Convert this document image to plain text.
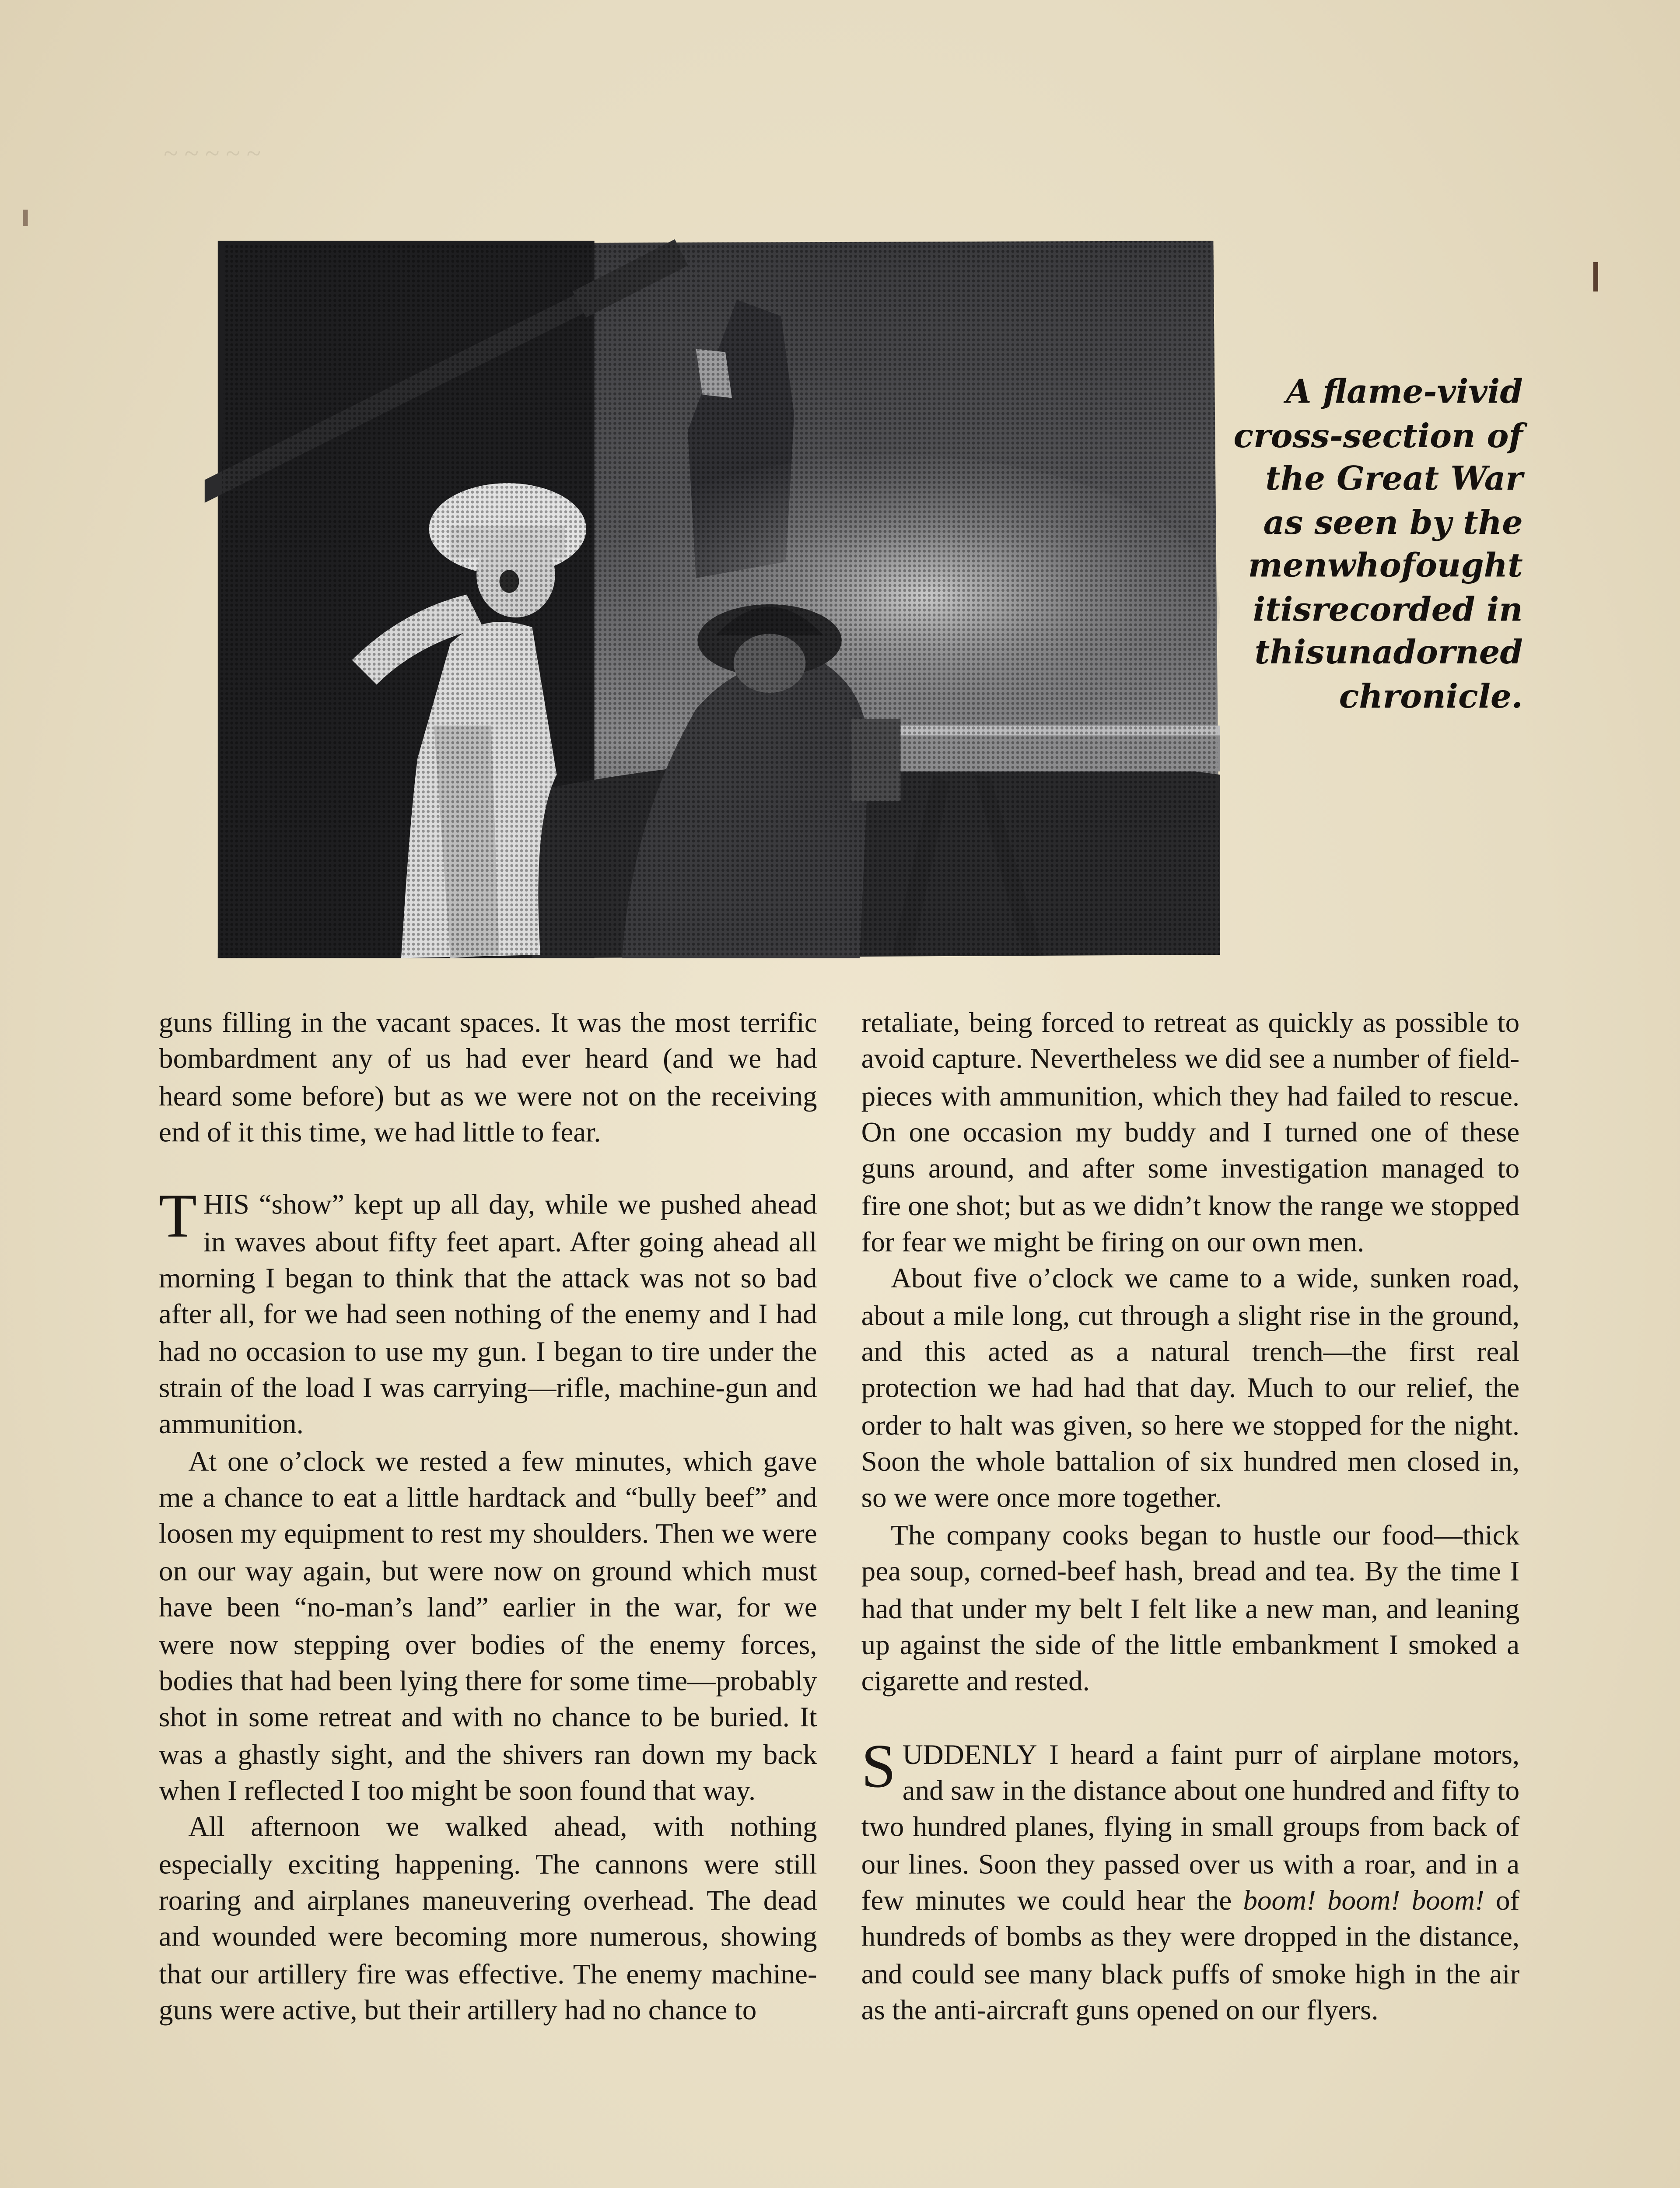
~ ~ ~ ~ ~
A flame-vivid
cross-section of
the Great War
as seen by the
menwhofought
itisrecorded in
thisunadorned
chronicle.

guns filling in the vacant spaces. It was the most terrific bombardment any of us had ever heard (and we had heard some before) but as we were not on the receiving end of it this time, we had little to fear.

THIS “show” kept up all day, while we pushed ahead in waves about fifty feet apart. After going ahead all morning I began to think that the attack was not so bad after all, for we had seen nothing of the enemy and I had had no occasion to use my gun. I began to tire under the strain of the load I was carrying—rifle, machine-gun and ammunition.

At one o’clock we rested a few minutes, which gave me a chance to eat a little hardtack and “bully beef” and loosen my equipment to rest my shoulders. Then we were on our way again, but were now on ground which must have been “no-man’s land” earlier in the war, for we were now stepping over bodies of the enemy forces, bodies that had been lying there for some time—probably shot in some retreat and with no chance to be buried. It was a ghastly sight, and the shivers ran down my back when I reflected I too might be soon found that way.

All afternoon we walked ahead, with nothing especially exciting happening. The cannons were still roaring and airplanes maneuvering overhead. The dead and wounded were becoming more numerous, showing that our artillery fire was effective. The enemy machine-guns were active, but their artillery had no chance to

retaliate, being forced to retreat as quickly as possible to avoid capture. Nevertheless we did see a number of field-pieces with ammunition, which they had failed to rescue. On one occasion my buddy and I turned one of these guns around, and after some investigation managed to fire one shot; but as we didn’t know the range we stopped for fear we might be firing on our own men.

About five o’clock we came to a wide, sunken road, about a mile long, cut through a slight rise in the ground, and this acted as a natural trench—the first real protection we had had that day. Much to our relief, the order to halt was given, so here we stopped for the night. Soon the whole battalion of six hundred men closed in, so we were once more together.

The company cooks began to hustle our food—thick pea soup, corned-beef hash, bread and tea. By the time I had that under my belt I felt like a new man, and leaning up against the side of the little embankment I smoked a cigarette and rested.

SUDDENLY I heard a faint purr of airplane motors, and saw in the distance about one hundred and fifty to two hundred planes, flying in small groups from back of our lines. Soon they passed over us with a roar, and in a few minutes we could hear the boom! boom! boom! of hundreds of bombs as they were dropped in the distance, and could see many black puffs of smoke high in the air as the anti-aircraft guns opened on our flyers.
